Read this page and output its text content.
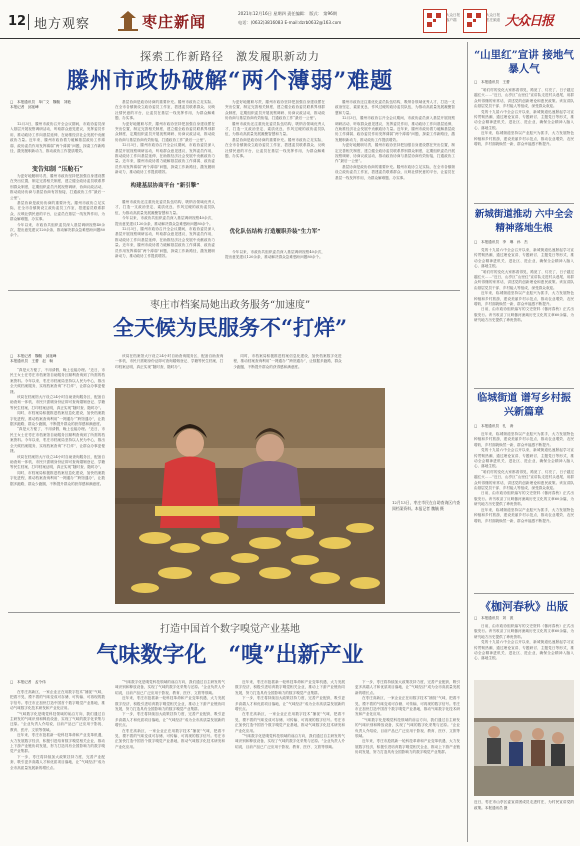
12 地方观察	枣庄新闻	2021年12月16日 星期四 责任编辑： 版式： 第96期
电话：(0632)3816083 E-mail:dzrb0632@163.com
大众日报 客户端
大众日报 枣庄频道 大众日报
探索工作新路径　激发履职新动力
滕州市政协破解“两个薄弱”难题
□　本报通讯员　单广文　魏毓　刘艳
本报记者　邱延峰

12月3日，滕州市政协召开全会议期间，市政协委员深入基层开展视察调研活动，听取群众意见建议，发挥委员作用，推动政协工作向基层延伸，在助推经济社会发展中贡献政协力量。近年来，滕州市政协着力破解基层政协工作薄弱、政协委员作用发挥薄弱“两个薄弱”问题，探索工作新路径，激发履职新动力，推动政协工作提质增效。

变告知制 “压舱石”

为更好地履职尽责，滕州市政协坚持把加强自身建设摆在突出位置，制定完善相关制度，建立健全政协委员联系界别群众制度，定期组织委员开展视察调研、协商议政活动，推动政协协商与基层协商有效衔接，打通政协工作“最后一公里”。

基层协商是政协协商的重要补充。滕州市政协立足实际，在全市各镇街设立政协委员工作室，搭建委员联系群众、反映社情民意的平台，让委员在基层一线发挥作用，为群众解难题、办实事。

今年以来，市政协共组织委员深入基层调研视察40余次，提出意见建议120余条，推动解决群众急难愁盼问题80余个。

基层协商是政协协商的重要补充。滕州市政协立足实际，在全市各镇街设立政协委员工作室，搭建委员联系群众、反映社情民意的平台，让委员在基层一线发挥作用，为群众解难题、办实事。

为更好地履职尽责，滕州市政协坚持把加强自身建设摆在突出位置，制定完善相关制度，建立健全政协委员联系界别群众制度，定期组织委员开展视察调研、协商议政活动，推动政协协商与基层协商有效衔接，打通政协工作“最后一公里”。

12月3日，滕州市政协召开全会议期间，市政协委员深入基层开展视察调研活动，听取群众意见建议，发挥委员作用，推动政协工作向基层延伸，在助推经济社会发展中贡献政协力量。近年来，滕州市政协着力破解基层政协工作薄弱、政协委员作用发挥薄弱“两个薄弱”问题，探索工作新路径，激发履职新动力，推动政协工作提质增效。

构建基层协商平台 “新引擎”

滕州市政协还注重优化委员队伍结构，吸纳各领域优秀人才，打造一支政治坚定、素质优良、作风过硬的政协委员队伍，为推动高质量发展凝聚智慧和力量。

今年以来，市政协共组织委员深入基层调研视察40余次，提出意见建议120余条，推动解决群众急难愁盼问题80余个。

12月3日，滕州市政协召开全会议期间，市政协委员深入基层开展视察调研活动，听取群众意见建议，发挥委员作用，推动政协工作向基层延伸，在助推经济社会发展中贡献政协力量。近年来，滕州市政协着力破解基层政协工作薄弱、政协委员作用发挥薄弱“两个薄弱”问题，探索工作新路径，激发履职新动力，推动政协工作提质增效。

为更好地履职尽责，滕州市政协坚持把加强自身建设摆在突出位置，制定完善相关制度，建立健全政协委员联系界别群众制度，定期组织委员开展视察调研、协商议政活动，推动政协协商与基层协商有效衔接，打通政协工作“最后一公里”。

滕州市政协还注重优化委员队伍结构，吸纳各领域优秀人才，打造一支政治坚定、素质优良、作风过硬的政协委员队伍，为推动高质量发展凝聚智慧和力量。

基层协商是政协协商的重要补充。滕州市政协立足实际，在全市各镇街设立政协委员工作室，搭建委员联系群众、反映社情民意的平台，让委员在基层一线发挥作用，为群众解难题、办实事。

优化队伍结构 打造履职乔装“生力军”

今年以来，市政协共组织委员深入基层调研视察40余次，提出意见建议120余条，推动解决群众急难愁盼问题80余个。

滕州市政协还注重优化委员队伍结构，吸纳各领域优秀人才，打造一支政治坚定、素质优良、作风过硬的政协委员队伍，为推动高质量发展凝聚智慧和力量。

12月3日，滕州市政协召开全会议期间，市政协委员深入基层开展视察调研活动，听取群众意见建议，发挥委员作用，推动政协工作向基层延伸，在助推经济社会发展中贡献政协力量。近年来，滕州市政协着力破解基层政协工作薄弱、政协委员作用发挥薄弱“两个薄弱”问题，探索工作新路径，激发履职新动力，推动政协工作提质增效。

为更好地履职尽责，滕州市政协坚持把加强自身建设摆在突出位置，制定完善相关制度，建立健全政协委员联系界别群众制度，定期组织委员开展视察调研、协商议政活动，推动政协协商与基层协商有效衔接，打通政协工作“最后一公里”。

基层协商是政协协商的重要补充。滕州市政协立足实际，在全市各镇街设立政协委员工作室，搭建委员联系群众、反映社情民意的平台，让委员在基层一线发挥作用，为群众解难题、办实事。

枣庄市档案局她出政务服务“加速度”
全天候为民服务不“打烊”
□　本报记者　魏毓　邱延峰
本报通讯员　王蕾　赵　畅

“真是太方便了，不用请假，晚上也能办理。”近日，市民王女士在枣庄市档案馆自助服务区顺利查询到了所需的档案资料。今年以来，枣庄市档案局坚持以人民为中心，推出全天候档案服务，实现档案查询“不打烊”，让群众办事更便捷。

该局在档案馆大厅设立24小时自助查询服务区，配备自助查询一体机，市民只需刷身份证即可查询婚姻登记、学籍等民生档案，打印档案证明，真正实现“随时查、随时办”。

同时，市档案局积极推进档案信息化建设，加快档案数字化进程，推动档案查询利用“一网通办”“跨馆通办”，让数据多跑路，群众少跑腿，不断提升群众的获得感和满意度。

“真是太方便了，不用请假，晚上也能办理。”近日，市民王女士在枣庄市档案馆自助服务区顺利查询到了所需的档案资料。今年以来，枣庄市档案局坚持以人民为中心，推出全天候档案服务，实现档案查询“不打烊”，让群众办事更便捷。

该局在档案馆大厅设立24小时自助查询服务区，配备自助查询一体机，市民只需刷身份证即可查询婚姻登记、学籍等民生档案，打印档案证明，真正实现“随时查、随时办”。

同时，市档案局积极推进档案信息化建设，加快档案数字化进程，推动档案查询利用“一网通办”“跨馆通办”，让数据多跑路，群众少跑腿，不断提升群众的获得感和满意度。

该局在档案馆大厅设立24小时自助查询服务区，配备自助查询一体机，市民只需刷身份证即可查询婚姻登记、学籍等民生档案，打印档案证明，真正实现“随时查、随时办”。

同时，市档案局积极推进档案信息化建设，加快档案数字化进程，推动档案查询利用“一网通办”“跨馆通办”，让数据多跑路，群众少跑腿，不断提升群众的获得感和满意度。

12月13日，枣庄市民在自助查询区内查阅档案资料。本报记者 魏毓 摄
打造中国首个数字嗅觉产业基地
气味数字化　“嗅”出新产业
□　本报记者　孟令伟

在枣庄高新区，一家企业正在用数字技术“捕捉”气味，把看不见、摸不着的气味变成可存储、可传输、可再现的数字信号。枣庄市正加快打造中国首个数字嗅觉产业基地，推动气味数字化技术研发和产业化应用。

“气味数字化是嗅觉科技领域的前沿方向，我们通过自主研发的气味识别和释放设备，实现了气味的数字化采集与还原。”企业负责人介绍说，目前产品已广泛应用于影视、教育、医疗、文旅等领域。

近年来，枣庄市抢抓新一轮科技革命和产业变革机遇，大力发展数字经济，积极引进培育数字嗅觉相关企业，推动上下游产业链协同发展，努力打造具有全国影响力的数字嗅觉产业集群。

下一步，枣庄将持续加大政策扶持力度，完善产业配套，吸引更多高端人才和优质项目落地，让“气味经济”成为全市高质量发展新的增长点。

“气味数字化是嗅觉科技领域的前沿方向，我们通过自主研发的气味识别和释放设备，实现了气味的数字化采集与还原。”企业负责人介绍说，目前产品已广泛应用于影视、教育、医疗、文旅等领域。

近年来，枣庄市抢抓新一轮科技革命和产业变革机遇，大力发展数字经济，积极引进培育数字嗅觉相关企业，推动上下游产业链协同发展，努力打造具有全国影响力的数字嗅觉产业集群。

下一步，枣庄将持续加大政策扶持力度，完善产业配套，吸引更多高端人才和优质项目落地，让“气味经济”成为全市高质量发展新的增长点。

在枣庄高新区，一家企业正在用数字技术“捕捉”气味，把看不见、摸不着的气味变成可存储、可传输、可再现的数字信号。枣庄市正加快打造中国首个数字嗅觉产业基地，推动气味数字化技术研发和产业化应用。

近年来，枣庄市抢抓新一轮科技革命和产业变革机遇，大力发展数字经济，积极引进培育数字嗅觉相关企业，推动上下游产业链协同发展，努力打造具有全国影响力的数字嗅觉产业集群。

下一步，枣庄将持续加大政策扶持力度，完善产业配套，吸引更多高端人才和优质项目落地，让“气味经济”成为全市高质量发展新的增长点。

在枣庄高新区，一家企业正在用数字技术“捕捉”气味，把看不见、摸不着的气味变成可存储、可传输、可再现的数字信号。枣庄市正加快打造中国首个数字嗅觉产业基地，推动气味数字化技术研发和产业化应用。

“气味数字化是嗅觉科技领域的前沿方向，我们通过自主研发的气味识别和释放设备，实现了气味的数字化采集与还原。”企业负责人介绍说，目前产品已广泛应用于影视、教育、医疗、文旅等领域。

下一步，枣庄将持续加大政策扶持力度，完善产业配套，吸引更多高端人才和优质项目落地，让“气味经济”成为全市高质量发展新的增长点。

在枣庄高新区，一家企业正在用数字技术“捕捉”气味，把看不见、摸不着的气味变成可存储、可传输、可再现的数字信号。枣庄市正加快打造中国首个数字嗅觉产业基地，推动气味数字化技术研发和产业化应用。

“气味数字化是嗅觉科技领域的前沿方向，我们通过自主研发的气味识别和释放设备，实现了气味的数字化采集与还原。”企业负责人介绍说，目前产品已广泛应用于影视、教育、医疗、文旅等领域。

近年来，枣庄市抢抓新一轮科技革命和产业变革机遇，大力发展数字经济，积极引进培育数字嗅觉相关企业，推动上下游产业链协同发展，努力打造具有全国影响力的数字嗅觉产业集群。

“山里红”宣讲 接地气暴人气
□　本报通讯员　王蕾

“咱们村的变化大家都看得见，路宽了、灯亮了，日子越过越红火……”近日，山亭区“山里红”宣讲队走进村头巷尾，用群众听得懂的家常话，讲述党的创新理论和惠民政策。该宣讲队由基层党员干部、乡村能人等组成，深受群众欢迎。

党的十九届六中全会召开以来，新城街道迅速掀起学习宣传贯彻热潮，通过理论宣讲、专题研讨、主题党日等形式，推动全会精神进机关、进社区、进企业，确保全会精神入脑入心、落地生根。

近年来，临城街道坚持以产业振兴为抓手，大力发展特色种植和乡村旅游，建设美丽乡村示范点，推动农业增效、农民增收，乡村面貌焕然一新，群众幸福感不断提升。

新城街道推动 六中全会精神落地生根
□　本报通讯员　李　琳　孙　杰

党的十九届六中全会召开以来，新城街道迅速掀起学习宣传贯彻热潮，通过理论宣讲、专题研讨、主题党日等形式，推动全会精神进机关、进社区、进企业，确保全会精神入脑入心、落地生根。

“咱们村的变化大家都看得见，路宽了、灯亮了，日子越过越红火……”近日，山亭区“山里红”宣讲队走进村头巷尾，用群众听得懂的家常话，讲述党的创新理论和惠民政策。该宣讲队由基层党员干部、乡村能人等组成，深受群众欢迎。

近年来，临城街道坚持以产业振兴为抓手，大力发展特色种植和乡村旅游，建设美丽乡村示范点，推动农业增效、农民增收，乡村面貌焕然一新，群众幸福感不断提升。

日前，由市政协组织编写的文史资料《枷河春秋》正式出版发行。该书收录了反映枷河流域历史文化的文章60余篇，为研究地方历史提供了珍贵资料。

临城街道 谱写乡村振兴新篇章
□　本报通讯员　孔　涛

近年来，临城街道坚持以产业振兴为抓手，大力发展特色种植和乡村旅游，建设美丽乡村示范点，推动农业增效、农民增收，乡村面貌焕然一新，群众幸福感不断提升。

党的十九届六中全会召开以来，新城街道迅速掀起学习宣传贯彻热潮，通过理论宣讲、专题研讨、主题党日等形式，推动全会精神进机关、进社区、进企业，确保全会精神入脑入心、落地生根。

“咱们村的变化大家都看得见，路宽了、灯亮了，日子越过越红火……”近日，山亭区“山里红”宣讲队走进村头巷尾，用群众听得懂的家常话，讲述党的创新理论和惠民政策。该宣讲队由基层党员干部、乡村能人等组成，深受群众欢迎。

日前，由市政协组织编写的文史资料《枷河春秋》正式出版发行。该书收录了反映枷河流域历史文化的文章60余篇，为研究地方历史提供了珍贵资料。

近年来，临城街道坚持以产业振兴为抓手，大力发展特色种植和乡村旅游，建设美丽乡村示范点，推动农业增效、农民增收，乡村面貌焕然一新，群众幸福感不断提升。

《枷河春秋》出版
□　本报通讯员　刘　波

日前，由市政协组织编写的文史资料《枷河春秋》正式出版发行。该书收录了反映枷河流域历史文化的文章60余篇，为研究地方历史提供了珍贵资料。

党的十九届六中全会召开以来，新城街道迅速掀起学习宣传贯彻热潮，通过理论宣讲、专题研讨、主题党日等形式，推动全会精神进机关、进社区、进企业，确保全会精神入脑入心、落地生根。

近日，枣庄市山亭区委宣讲团成员走进村庄，为村民宣讲党的政策。本报通讯员 摄
